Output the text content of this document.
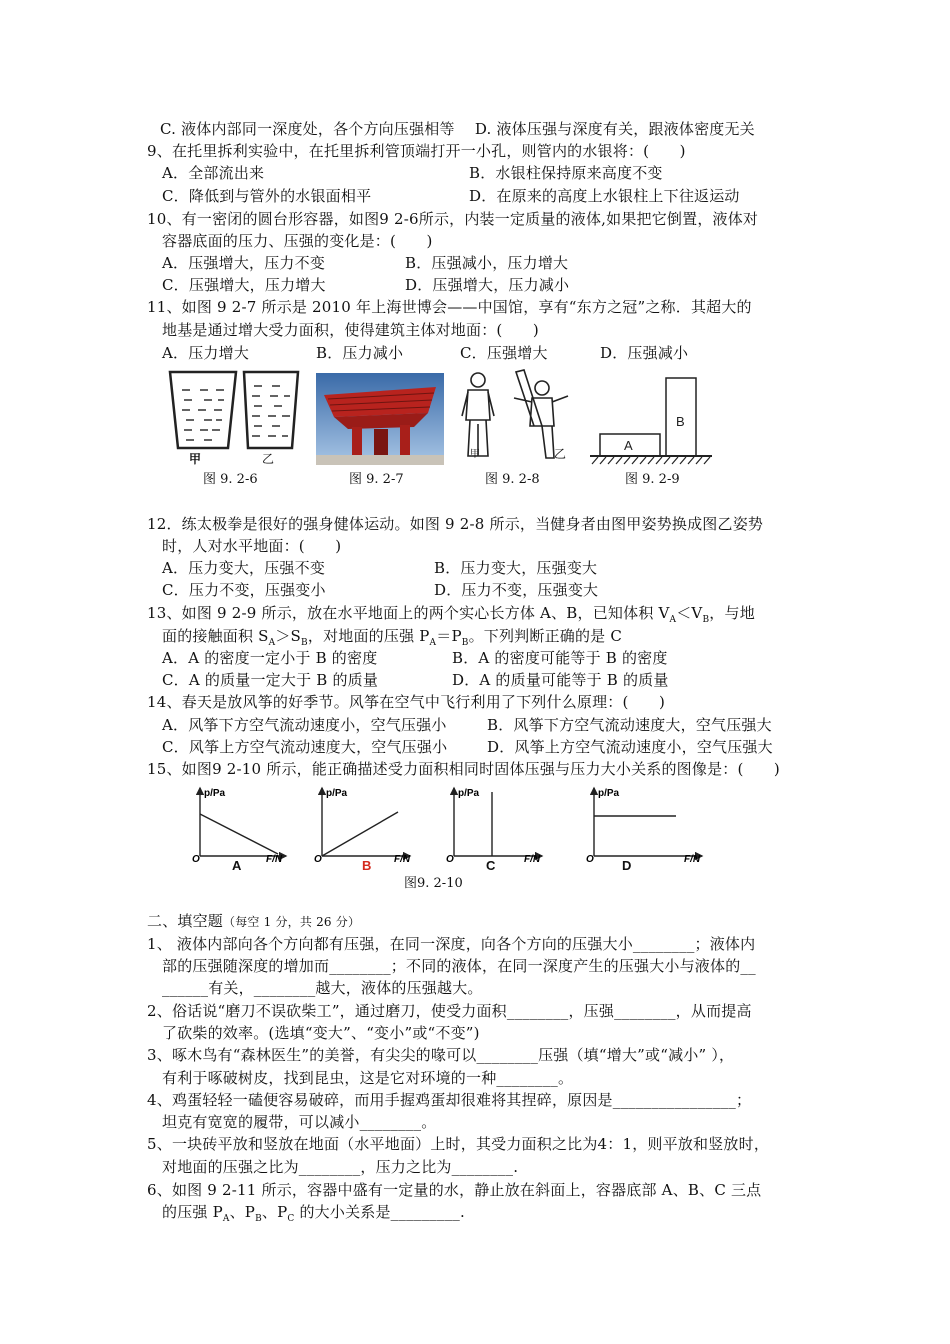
C. 液体内部同一深度处，各个方向压强相等　 D. 液体压强与深度有关，跟液体密度无关
9、在托里拆利实验中，在托里拆利管顶端打开一小孔，则管内的水银将：(　　)
A．全部流出来	B．水银柱保持原来高度不变
C．降低到与管外的水银面相平	D．在原来的高度上水银柱上下往返运动
10、有一密闭的圆台形容器，如图9 2-6所示，内装一定质量的液体,如果把它倒置，液体对
容器底面的压力、压强的变化是：(　　)
A．压强增大，压力不变	B．压强减小，压力增大
C．压强增大，压力增大	D．压强增大，压力减小
11、如图 9 2-7 所示是 2010 年上海世博会——中国馆，享有“东方之冠”之称．其超大的
地基是通过增大受力面积，使得建筑主体对地面：(　　)
A．压力增大	B．压力减小	C．压强增大	D．压强减小
甲	乙
图 9. 2-6	图 9. 2-7
甲	乙
图 9. 2-8
A
B
图 9. 2-9
12．练太极拳是很好的强身健体运动。如图 9 2-8 所示，当健身者由图甲姿势换成图乙姿势
时，人对水平地面：(　　)
A．压力变大，压强不变	B．压力变大，压强变大
C．压力不变，压强变小	D．压力不变，压强变大
13、如图 9 2-9 所示，放在水平地面上的两个实心长方体 A、B，已知体积 $V_A<V_B$，与地
面的接触面积 $S_A>S_B$，对地面的压强 $P_A=P_B$。下列判断正确的是 C
A．A 的密度一定小于 B 的密度	B．A 的密度可能等于 B 的密度
C．A 的质量一定大于 B 的质量	D．A 的质量可能等于 B 的质量
14、春天是放风筝的好季节。风筝在空气中飞行利用了下列什么原理：(　　)
A．风筝下方空气流动速度小，空气压强小	B．风筝下方空气流动速度大，空气压强大
C．风筝上方空气流动速度大，空气压强小	D．风筝上方空气流动速度小，空气压强大
15、如图9 2-10 所示，能正确描述受力面积相同时固体压强与压力大小关系的图像是：(　　)
p/Pa
O	F/N
A
p/Pa
O	F/N
B
p/Pa
O	F/N
C
p/Pa
O	F/N
D
图9. 2-10
二、填空题（每空 1 分，共 26 分）
1、 液体内部向各个方向都有压强，在同一深度，向各个方向的压强大小________；液体内
部的压强随深度的增加而________；不同的液体，在同一深度产生的压强大小与液体的__
______有关，________越大，液体的压强越大。
2、俗话说“磨刀不误砍柴工”，通过磨刀，使受力面积________，压强________，从而提高
了砍柴的效率。(选填“变大”、“变小”或“不变”)
3、啄木鸟有“森林医生”的美誉，有尖尖的喙可以________压强（填“增大”或“减小” ），
有利于啄破树皮，找到昆虫，这是它对环境的一种________。
4、鸡蛋轻轻一磕便容易破碎，而用手握鸡蛋却很难将其捏碎，原因是________________；
坦克有宽宽的履带，可以减小________。
5、一块砖平放和竖放在地面（水平地面）上时，其受力面积之比为4：1，则平放和竖放时，
对地面的压强之比为________，压力之比为________.
6、如图 9 2-11 所示，容器中盛有一定量的水，静止放在斜面上，容器底部 A、B、C 三点
的压强 $P_A$、$P_B$、$P_C$ 的大小关系是_________.
